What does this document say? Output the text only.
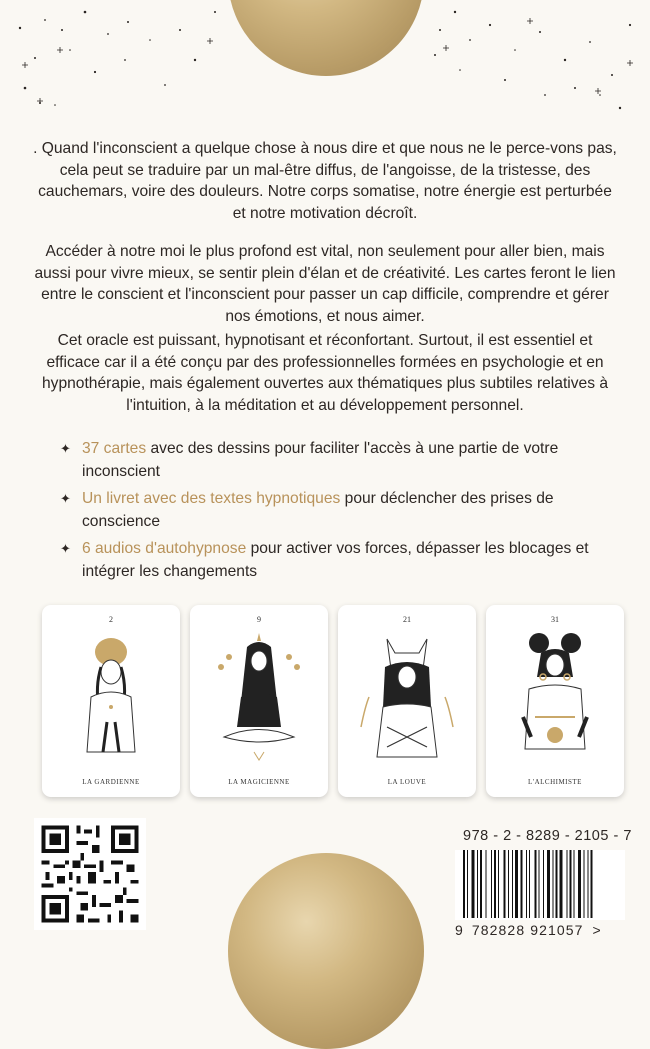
. Quand l'inconscient a quelque chose à nous dire et que nous ne le perce-vons pas, cela peut se traduire par un mal-être diffus, de l'angoisse, de la tristesse, des cauchemars, voire des douleurs. Notre corps somatise, notre énergie est perturbée et notre motivation décroît.

Accéder à notre moi le plus profond est vital, non seulement pour aller bien, mais aussi pour vivre mieux, se sentir plein d'élan et de créativité. Les cartes feront le lien entre le conscient et l'inconscient pour passer un cap difficile, comprendre et gérer nos émotions, et nous aimer.

Cet oracle est puissant, hypnotisant et réconfortant. Surtout, il est essentiel et efficace car il a été conçu par des professionnelles formées en psychologie et en hypnothérapie, mais également ouvertes aux thématiques plus subtiles relatives à l'intuition, à la méditation et au développement personnel.

✦ 37 cartes avec des dessins pour faciliter l'accès à une partie de votre inconscient
✦ Un livret avec des textes hypnotiques pour déclencher des prises de conscience
✦ 6 audios d'autohypnose pour activer vos forces, dépasser les blocages et intégrer les changements
2
LA GARDIENNE
9
LA MAGICIENNE
21
LA LOUVE
31
L'ALCHIMISTE
978 - 2 - 8289 - 2105 - 7
9 782828 921057 >
